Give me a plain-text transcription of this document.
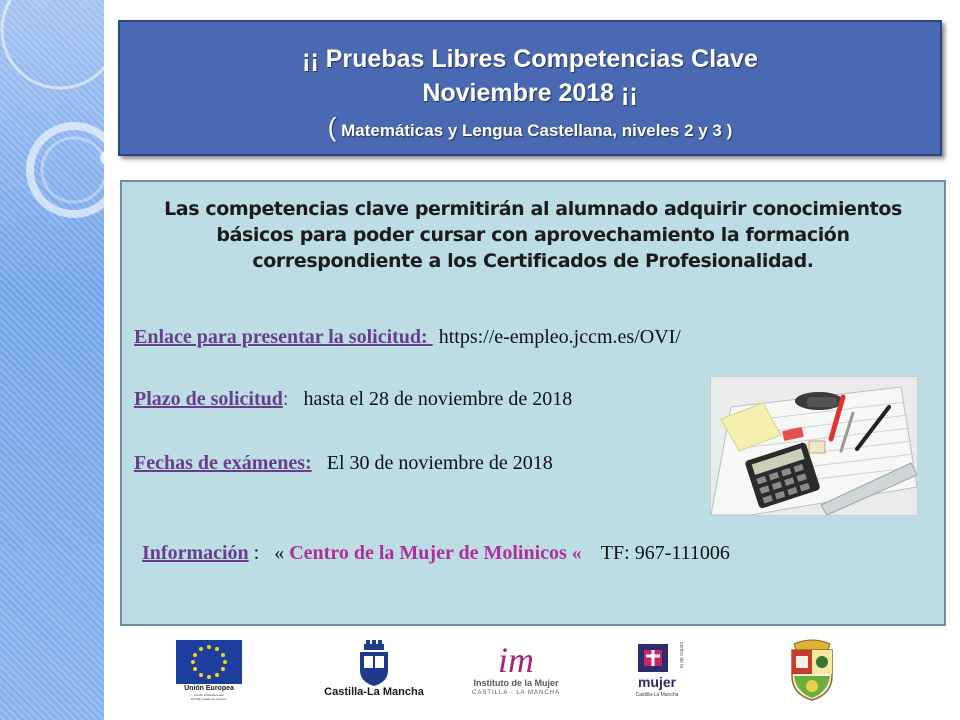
¡¡ Pruebas Libres Competencias Clave
Noviembre 2018 ¡¡
( Matemáticas y Lengua Castellana, niveles 2 y 3 )
Las competencias clave permitirán al alumnado adquirir conocimientos
básicos para poder cursar con aprovechamiento la formación
correspondiente a los Certificados de Profesionalidad.
Enlace para presentar la solicitud: https://e-empleo.jccm.es/OVI/
Plazo de solicitud: hasta el 28 de noviembre de 2018
Fechas de exámenes: El 30 de noviembre de 2018
Información :   « Centro de la Mujer de Molinicos « TF: 967-111006
Unión Europea
Fondo Social Europeo
El FSE invierte en tu futuro
Castilla-La Mancha
im
Instituto de la Mujer
CASTILLA · LA MANCHA
centro de la
mujer
Castilla-La Mancha
